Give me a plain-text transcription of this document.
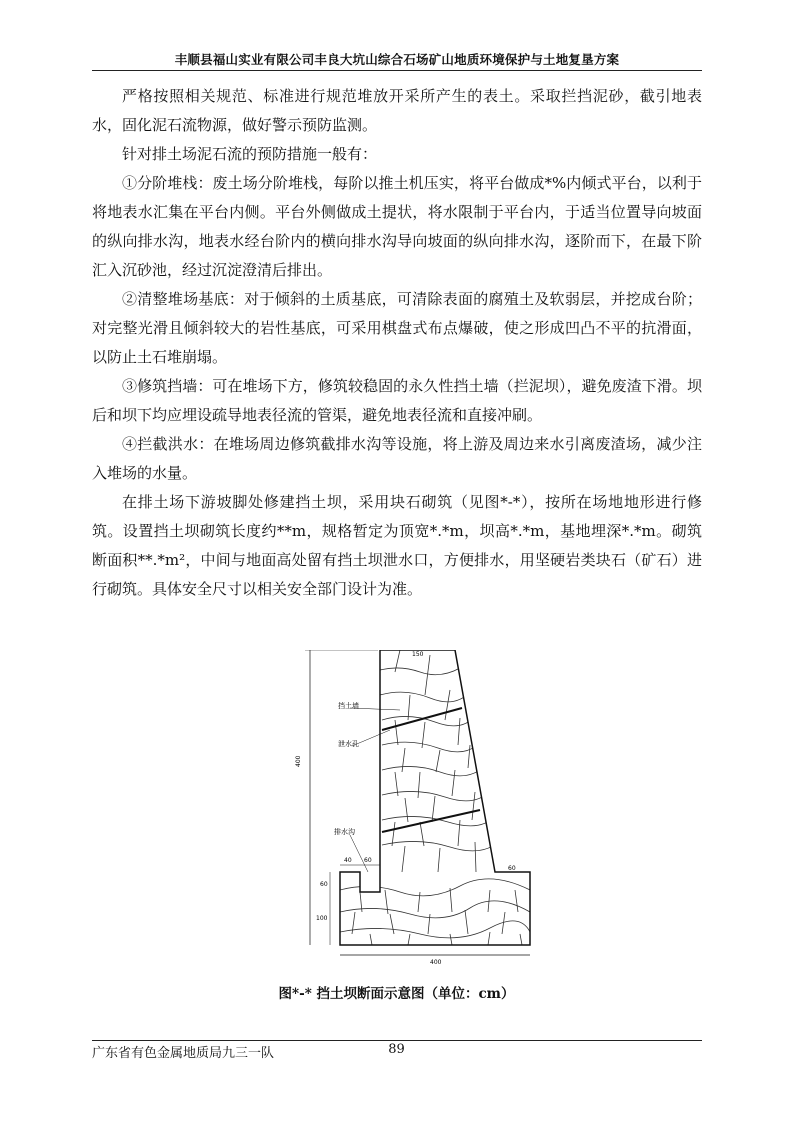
丰顺县福山实业有限公司丰良大坑山综合石场矿山地质环境保护与土地复垦方案

严格按照相关规范、标准进行规范堆放开采所产生的表土。采取拦挡泥砂，截引地表水，固化泥石流物源，做好警示预防监测。

针对排土场泥石流的预防措施一般有：

①分阶堆栈：废土场分阶堆栈，每阶以推土机压实，将平台做成*%内倾式平台，以利于将地表水汇集在平台内侧。平台外侧做成土提状，将水限制于平台内，于适当位置导向坡面的纵向排水沟，地表水经台阶内的横向排水沟导向坡面的纵向排水沟，逐阶而下，在最下阶汇入沉砂池，经过沉淀澄清后排出。

②清整堆场基底：对于倾斜的土质基底，可清除表面的腐殖土及软弱层，并挖成台阶；对完整光滑且倾斜较大的岩性基底，可采用棋盘式布点爆破，使之形成凹凸不平的抗滑面，以防止土石堆崩塌。

③修筑挡墙：可在堆场下方，修筑较稳固的永久性挡土墙（拦泥坝），避免废渣下滑。坝后和坝下均应埋设疏导地表径流的管渠，避免地表径流和直接冲刷。

④拦截洪水：在堆场周边修筑截排水沟等设施，将上游及周边来水引离废渣场，减少注入堆场的水量。

在排土场下游坡脚处修建挡土坝，采用块石砌筑（见图*-*），按所在场地地形进行修筑。设置挡土坝砌筑长度约**m，规格暂定为顶宽*.*m，坝高*.*m，基地埋深*.*m。砌筑断面积**.*m²，中间与地面高处留有挡土坝泄水口，方便排水，用坚硬岩类块石（矿石）进行砌筑。具体安全尺寸以相关安全部门设计为准。

150
400
60
100
40 60
60
400
挡土墙
泄水孔
排水沟
图*-* 挡土坝断面示意图（单位：cm）
广东省有色金属地质局九三一队	89
